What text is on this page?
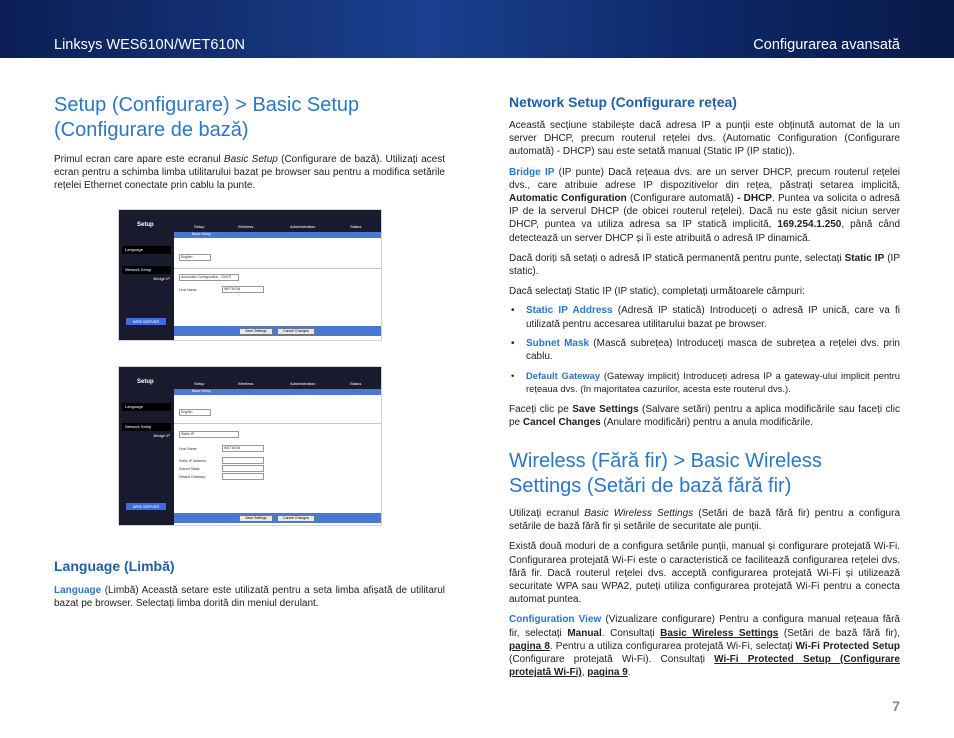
Linksys WES610N/WET610N	Configurarea avansată
Setup (Configurare) > Basic Setup
(Configurare de bază)

Primul ecran care apare este ecranul Basic Setup (Configurare de bază). Utilizați acest ecran pentru a schimba limba utilitarului bazat pe browser sau pentru a modifica setările rețelei Ethernet conectate prin cablu la punte.

Setup
Language
Network Setup
Bridge IP
WEB SERVER
Setup	Wireless	Administration	Status
Basic Setup
English
Automatic Configuration - DHCP
Host Name:	WET610N
Save Settings	Cancel Changes
Setup
Language
Network Setup
Bridge IP
WEB SERVER
Setup	Wireless	Administration	Status
Basic Setup
English
Static IP
Host Name:	WET610N
Static IP Address:
Subnet Mask:
Default Gateway:
Save Settings	Cancel Changes
Language (Limbă)

Language (Limbă) Această setare este utilizată pentru a seta limba afișată de utilitarul bazat pe browser. Selectați limba dorită din meniul derulant.

Network Setup (Configurare rețea)

Această secțiune stabilește dacă adresa IP a punții este obținută automat de la un server DHCP, precum routerul rețelei dvs. (Automatic Configuration (Configurare automată) - DHCP) sau este setată manual (Static IP (IP static)).

Bridge IP (IP punte) Dacă rețeaua dvs. are un server DHCP, precum routerul rețelei dvs., care atribuie adrese IP dispozitivelor din rețea, păstrați setarea implicită, Automatic Configuration (Configurare automată) - DHCP. Puntea va solicita o adresă IP de la serverul DHCP (de obicei routerul rețelei). Dacă nu este găsit niciun server DHCP, puntea va utiliza adresa sa IP statică implicită, 169.254.1.250, până când detectează un server DHCP și îi este atribuită o adresă IP dinamică.

Dacă doriți să setați o adresă IP statică permanentă pentru punte, selectați Static IP (IP static).

Dacă selectați Static IP (IP static), completați următoarele câmpuri:

• Static IP Address (Adresă IP statică) Introduceți o adresă IP unică, care va fi utilizată pentru accesarea utilitarului bazat pe browser.
• Subnet Mask (Mască subrețea) Introduceți masca de subrețea a rețelei dvs. prin cablu.
• Default Gateway (Gateway implicit) Introduceți adresa IP a gateway-ului implicit pentru rețeaua dvs. (în majoritatea cazurilor, acesta este routerul dvs.).

Faceți clic pe Save Settings (Salvare setări) pentru a aplica modificările sau faceți clic pe Cancel Changes (Anulare modificări) pentru a anula modificările.

Wireless (Fără fir) > Basic Wireless
Settings (Setări de bază fără fir)

Utilizați ecranul Basic Wireless Settings (Setări de bază fără fir) pentru a configura setările de bază fără fir și setările de securitate ale punții.

Există două moduri de a configura setările punții, manual și configurare protejată Wi-Fi. Configurarea protejată Wi-Fi este o caracteristică ce facilitează configurarea rețelei dvs. fără fir. Dacă routerul rețelei dvs. acceptă configurarea protejată Wi-Fi și utilizează securitate WPA sau WPA2, puteți utiliza configurarea protejată Wi-Fi pentru a conecta automat puntea.

Configuration View (Vizualizare configurare) Pentru a configura manual rețeaua fără fir, selectați Manual. Consultați Basic Wireless Settings (Setări de bază fără fir), pagina 8. Pentru a utiliza configurarea protejată Wi-Fi, selectați Wi-Fi Protected Setup (Configurare protejată Wi-Fi). Consultați Wi-Fi Protected Setup (Configurare protejată Wi-Fi), pagina 9.

7
